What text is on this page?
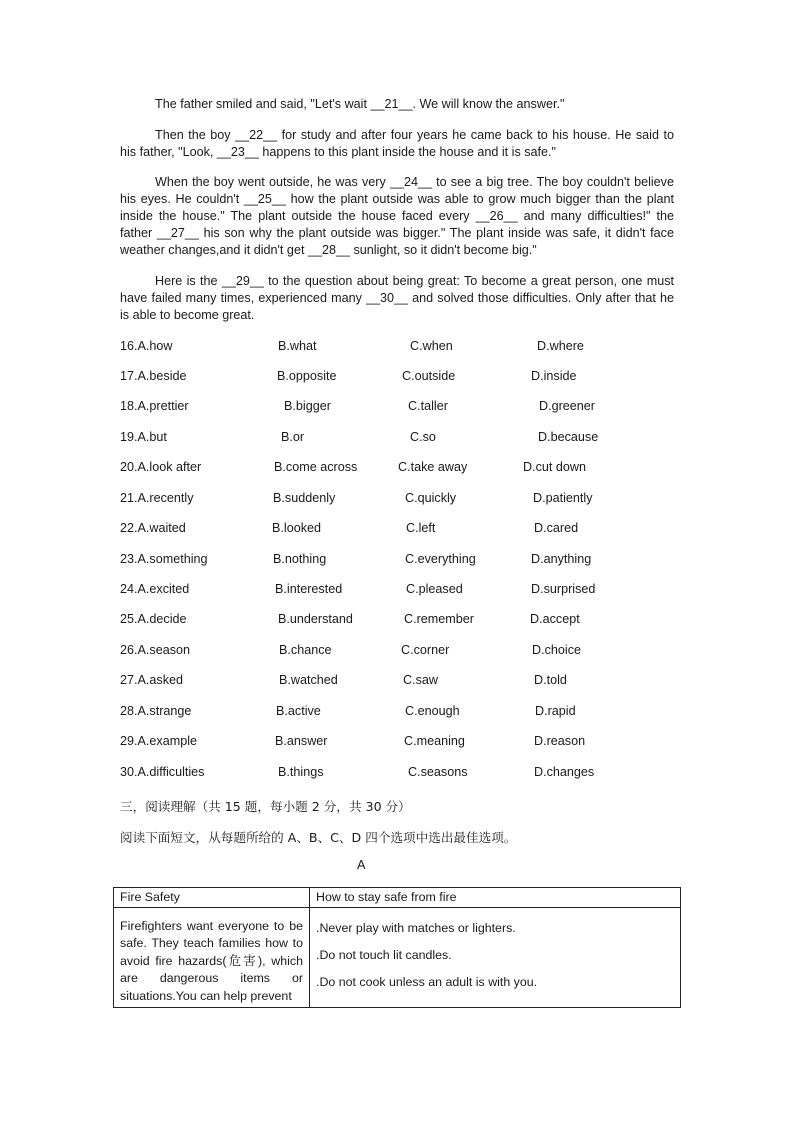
The father smiled and said, "Let's wait __21__. We will know the answer."

Then the boy __22__ for study and after four years he came back to his house. He said to his father, "Look, __23__ happens to this plant inside the house and it is safe."

When the boy went outside, he was very __24__ to see a big tree. The boy couldn't believe his eyes. He couldn't __25__ how the plant outside was able to grow much bigger than the plant inside the house." The plant outside the house faced every __26__ and many difficulties!" the father __27__ his son why the plant outside was bigger." The plant inside was safe, it didn't face weather changes,and it didn't get __28__ sunlight, so it didn't become big."

Here is the __29__ to the question about being great: To become a great person, one must have failed many times, experienced many __30__ and solved those difficulties. Only after that he is able to become great.

16.A.how	B.what	C.when	D.where
17.A.beside	B.opposite	C.outside	D.inside
18.A.prettier	B.bigger	C.taller	D.greener
19.A.but	B.or	C.so	D.because
20.A.look after	B.come across	C.take away	D.cut down
21.A.recently	B.suddenly	C.quickly	D.patiently
22.A.waited	B.looked	C.left	D.cared
23.A.something	B.nothing	C.everything	D.anything
24.A.excited	B.interested	C.pleased	D.surprised
25.A.decide	B.understand	C.remember	D.accept
26.A.season	B.chance	C.corner	D.choice
27.A.asked	B.watched	C.saw	D.told
28.A.strange	B.active	C.enough	D.rapid
29.A.example	B.answer	C.meaning	D.reason
30.A.difficulties	B.things	C.seasons	D.changes

三，阅读理解（共 15 题，每小题 2 分，共 30 分）

阅读下面短文，从每题所给的 A、B、C、D 四个选项中选出最佳选项。

A

Fire Safety	How to stay safe from fire
Firefighters want everyone to be safe. They teach families how to avoid fire hazards(危害), which are dangerous items or situations.You can help prevent	.Never play with matches or lighters.
.Do not touch lit candles.
.Do not cook unless an adult is with you.
